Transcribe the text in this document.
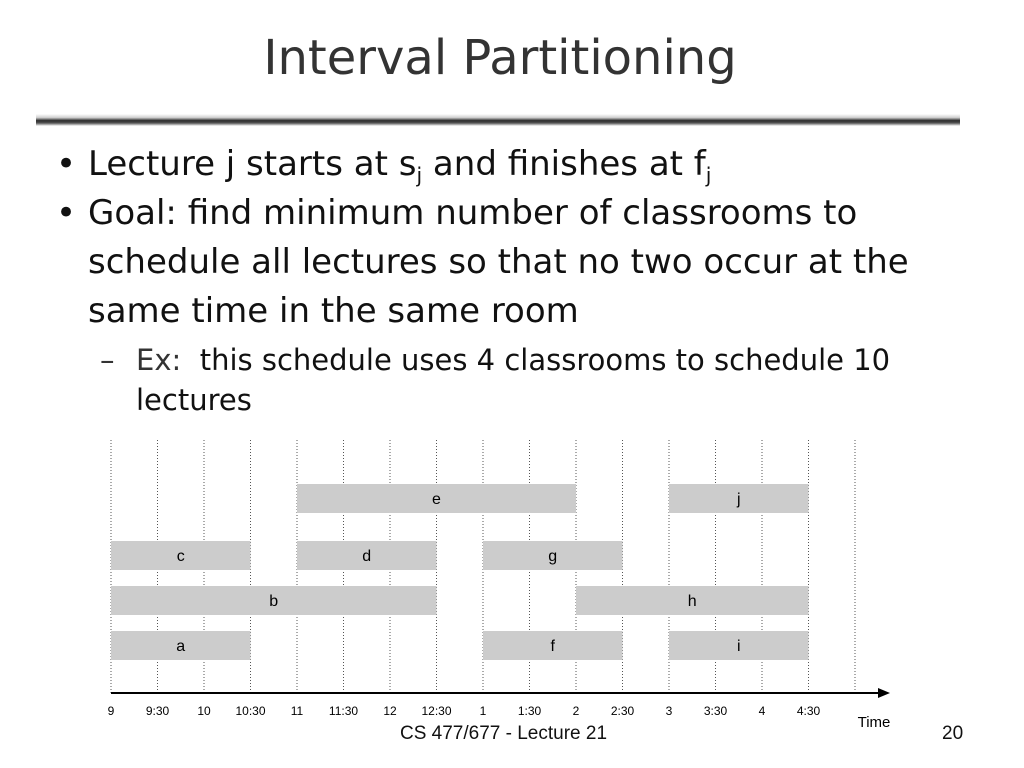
Interval Partitioning
• Lecture j starts at $s_j$ and finishes at $f_j$
• Goal: find minimum number of classrooms to schedule all lectures so that no two occur at the same time in the same room
– Ex: this schedule uses 4 classrooms to schedule 10 lectures
e	j
c	d	g
b	h
a	f	i
9	9:30 10 10:30 11 11:30 12 12:30 1	1:30	2	2:30	3	3:30	4	4:30
Time
CS 477/677 - Lecture 21	20
